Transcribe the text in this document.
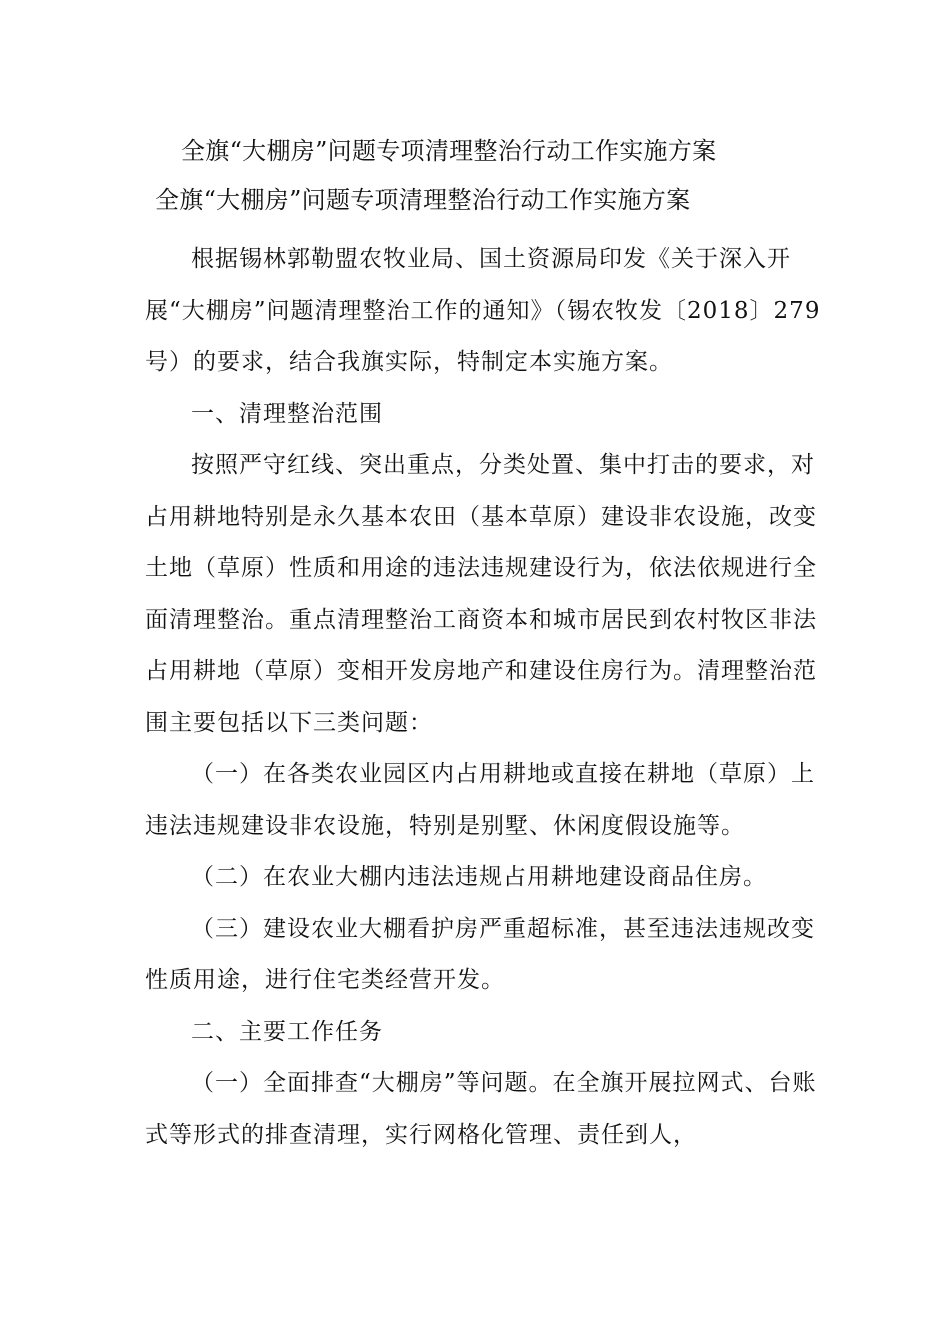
全旗“大棚房”问题专项清理整治行动工作实施方案
全旗“大棚房”问题专项清理整治行动工作实施方案

根据锡林郭勒盟农牧业局、国土资源局印发《关于深入开展“大棚房”问题清理整治工作的通知》（锡农牧发〔2018〕279号）的要求，结合我旗实际，特制定本实施方案。

一、清理整治范围

按照严守红线、突出重点，分类处置、集中打击的要求，对占用耕地特别是永久基本农田（基本草原）建设非农设施，改变土地（草原）性质和用途的违法违规建设行为，依法依规进行全面清理整治。重点清理整治工商资本和城市居民到农村牧区非法占用耕地（草原）变相开发房地产和建设住房行为。清理整治范围主要包括以下三类问题：

（一）在各类农业园区内占用耕地或直接在耕地（草原）上违法违规建设非农设施，特别是别墅、休闲度假设施等。

（二）在农业大棚内违法违规占用耕地建设商品住房。

（三）建设农业大棚看护房严重超标准，甚至违法违规改变性质用途，进行住宅类经营开发。

二、主要工作任务

（一）全面排查“大棚房”等问题。在全旗开展拉网式、台账式等形式的排查清理，实行网格化管理、责任到人，
